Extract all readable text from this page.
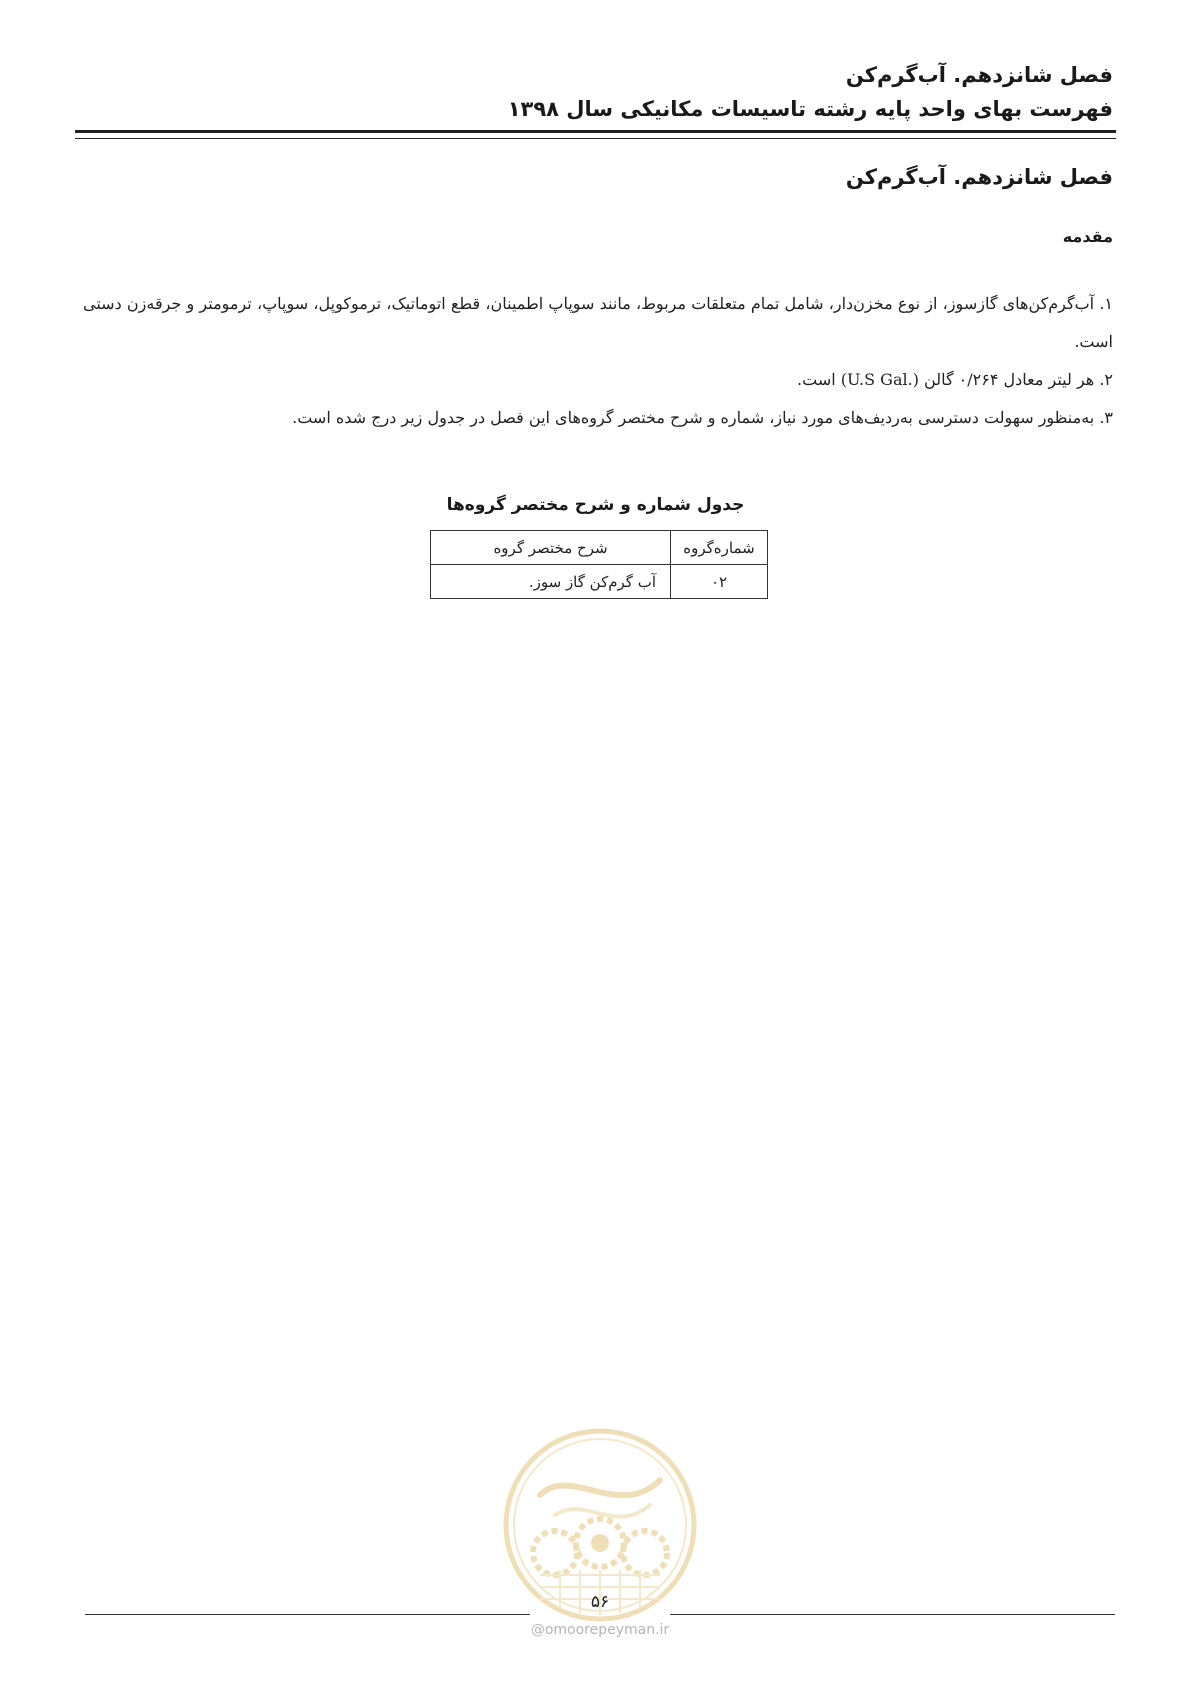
فصل شانزدهم. آب‌گرم‌کن
فهرست بهای واحد پایه رشته تاسیسات مکانیکی سال ۱۳۹۸
فصل شانزدهم. آب‌گرم‌کن
مقدمه

۱. آب‌گرم‌کن‌های گازسوز، از نوع مخزن‌دار، شامل تمام متعلقات مربوط، مانند سوپاپ اطمینان، قطع اتوماتیک، ترموکوپل، سوپاپ، ترمومتر و جرقه‌زن دستی است.

۲. هر لیتر معادل ۰/۲۶۴ گالن (.U.S Gal) است.

۳. به‌منظور سهولت دسترسی به‌ردیف‌های مورد نیاز، شماره و شرح مختصر گروه‌های این فصل در جدول زیر درج شده است.

جدول شماره و شرح مختصر گروه‌ها
شماره‌گروه	شرح مختصر گروه
۰۲	آب گرم‌کن گاز سوز.
۵۶
@omoorepeyman.ir
